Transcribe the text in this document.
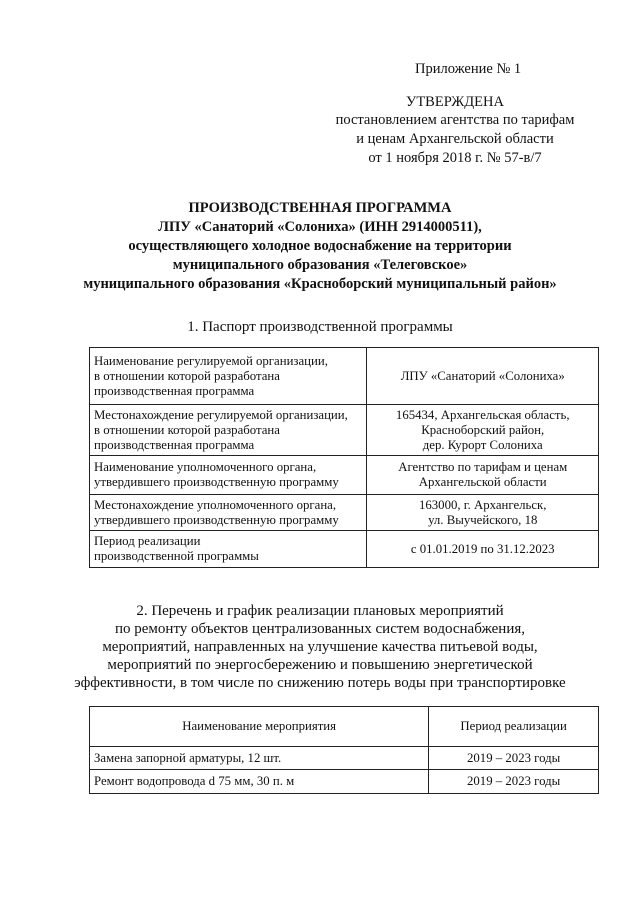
Приложение № 1
УТВЕРЖДЕНА
постановлением агентства по тарифам
и ценам Архангельской области
от 1 ноября 2018 г. № 57-в/7
ПРОИЗВОДСТВЕННАЯ ПРОГРАММА
ЛПУ «Санаторий «Солониха» (ИНН 2914000511),
осуществляющего холодное водоснабжение на территории
муниципального образования «Телеговское»
муниципального образования «Красноборский муниципальный район»
1. Паспорт производственной программы
Наименование регулируемой организации,
в отношении которой разработана
производственная программа	ЛПУ «Санаторий «Солониха»

Местонахождение регулируемой организации,
в отношении которой разработана
производственная программа	165434, Архангельская область,
Красноборский район,
дер. Курорт Солониха

Наименование уполномоченного органа,
утвердившего производственную программу	Агентство по тарифам и ценам
Архангельской области

Местонахождение уполномоченного органа,
утвердившего производственную программу	163000, г. Архангельск,
ул. Выучейского, 18

Период реализации
производственной программы	с 01.01.2019 по 31.12.2023
2. Перечень и график реализации плановых мероприятий
по ремонту объектов централизованных систем водоснабжения,
мероприятий, направленных на улучшение качества питьевой воды,
мероприятий по энергосбережению и повышению энергетической
эффективности, в том числе по снижению потерь воды при транспортировке
Наименование мероприятия	Период реализации
Замена запорной арматуры, 12 шт.	2019 – 2023 годы
Ремонт водопровода d 75 мм, 30 п. м	2019 – 2023 годы
